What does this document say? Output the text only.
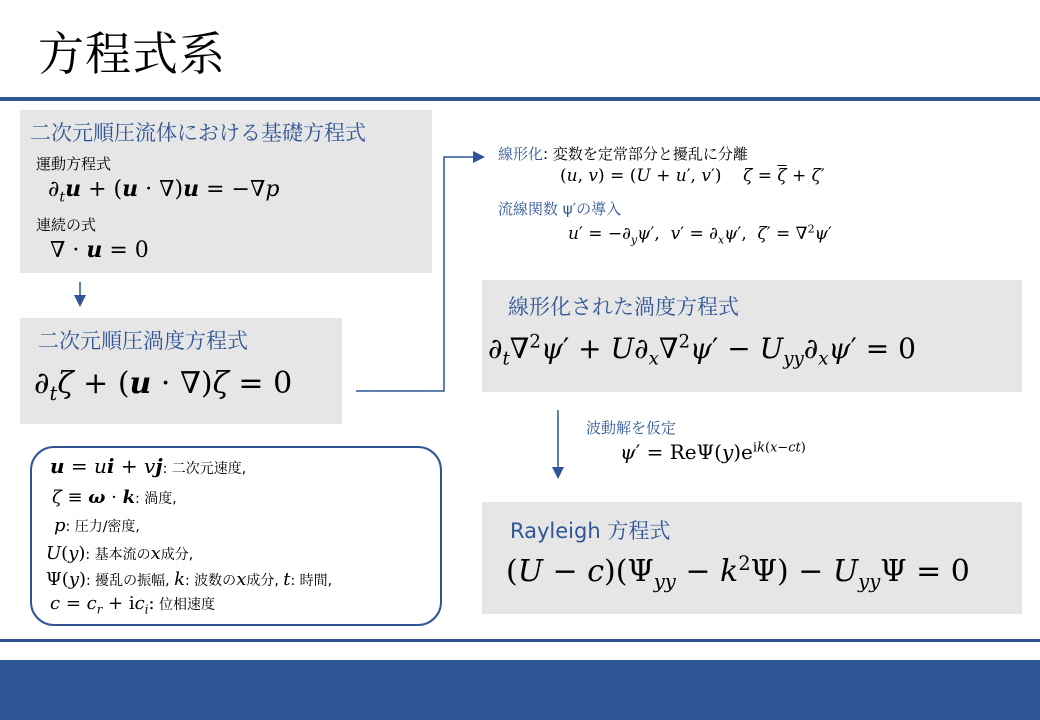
方程式系
二次元順圧流体における基礎方程式
運動方程式
$\partial_tu + (u \cdot \nabla)u = -\nabla p$
連続の式
∇ · u = 0
二次元順圧渦度方程式
$\partial_t\zeta + (u \cdot \nabla)\zeta = 0$
線形化: 変数を定常部分と擾乱に分離
(u, v) = (U + u′, v′)    $\zeta = \overline{\zeta} + \zeta'$
流線関数 ψ′の導入
$u' = -\partial_y\psi'$,  $v' = \partial_x\psi'$,  ζ′ = ∇$^2$ψ′
線形化された渦度方程式
$\partial_t\nabla^2\psi' + U\partial_x\nabla^2\psi' - U_{yy}\partial_x\psi' = 0$
波動解を仮定
$\psi' = Re\Psi(y)e^{ik(x-ct)}$
Rayleigh 方程式
$(U - c)(\Psi_{yy} - k^2\Psi) - U_{yy}\Psi = 0$
u = ui + vj: 二次元速度,
ζ ≡ ω · k: 渦度,
p: 圧力/密度,
U(y): 基本流のx成分,
Ψ(y): 擾乱の振幅, k: 波数のx成分, t: 時間,
$c = c_r + ic_i$: 位相速度
